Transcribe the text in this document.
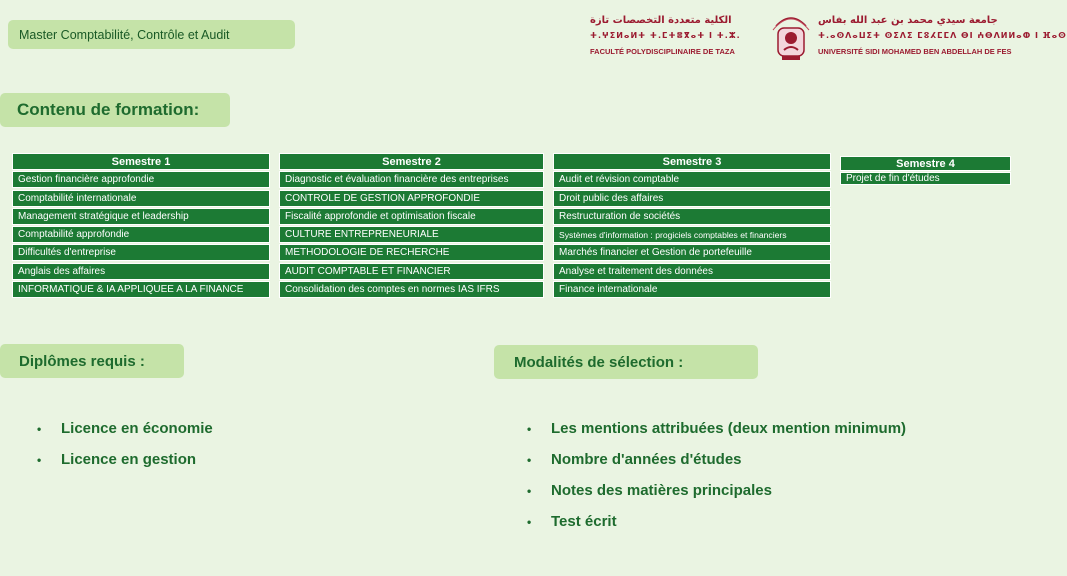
Master Comptabilité, Contrôle et Audit
الكلية متعددة التخصصات تازة
ⵜ.ⵖⵉⵍⴰⵍⵜ ⵜ.ⵎⵜⴻⴳⴰⵜ ⵏ ⵜ.ⵣ.
FACULTÉ POLYDISCIPLINAIRE DE TAZA
جامعة سيدي محمد بن عبد الله بفاس
ⵜ.ⴰⵙⴷⴰⵡⵉⵜ ⵙⵉⴷⵉ ⵎⵓⵃⵎⵎⴷ ⴱⵏ ⵄⴱⴷⵍⵍⴰⵀ ⵏ ⴼⴰⵙ
UNIVERSITÉ SIDI MOHAMED BEN ABDELLAH DE FES
Contenu de formation:
Semestre 1
Gestion financière approfondie
Comptabilité internationale
Management stratégique et leadership
Comptabilité approfondie
Difficultés d'entreprise
Anglais des affaires
INFORMATIQUE & IA APPLIQUEE A LA FINANCE
Semestre 2
Diagnostic et évaluation financière des entreprises
CONTROLE DE GESTION APPROFONDIE
Fiscalité approfondie et optimisation fiscale
CULTURE ENTREPRENEURIALE
METHODOLOGIE DE RECHERCHE
AUDIT COMPTABLE ET FINANCIER
Consolidation des comptes en normes IAS IFRS
Semestre 3
Audit et révision comptable
Droit public des affaires
Restructuration de sociétés
Systèmes d'information : progiciels comptables et financiers
Marchés financier et Gestion de portefeuille
Analyse et traitement des données
Finance internationale
Semestre 4
Projet de fin d'études
Diplômes requis :
•	Licence en économie
•	Licence en gestion
Modalités de sélection :
•	Les mentions attribuées (deux mention minimum)
•	Nombre d'années d'études
•	Notes des matières principales
•	Test écrit
